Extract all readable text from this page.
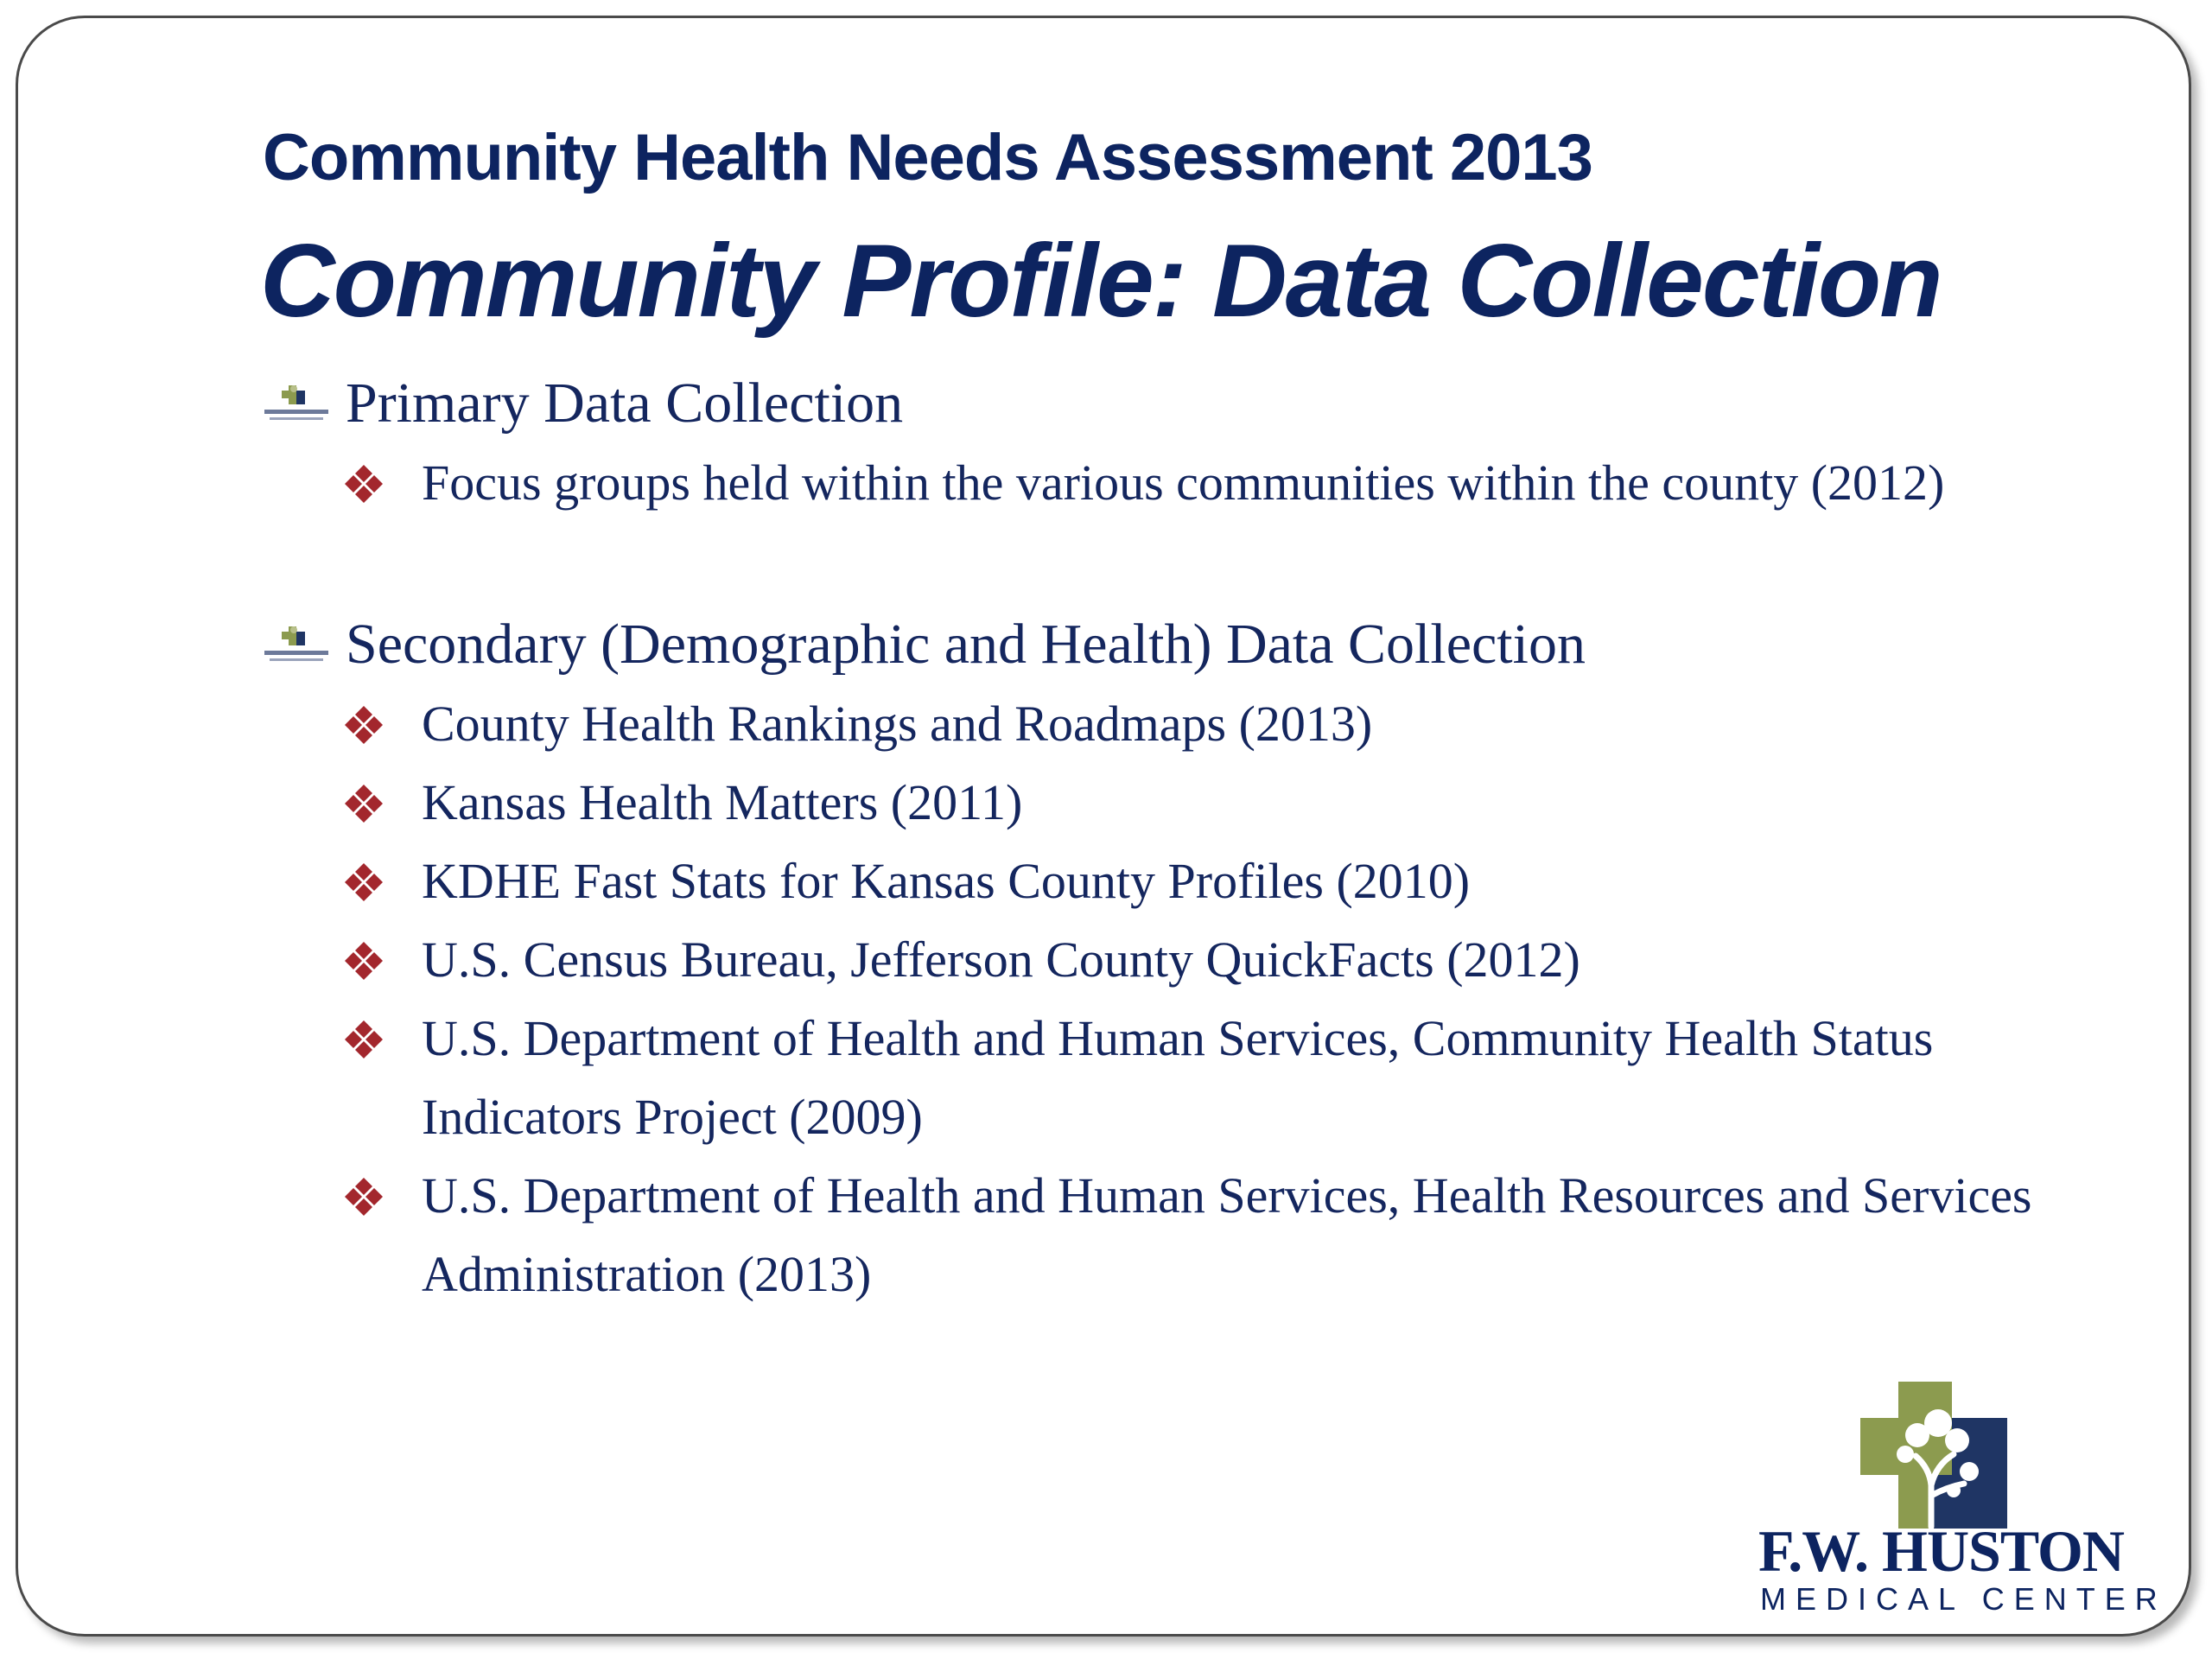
Community Health Needs Assessment 2013
Community Profile: Data Collection
Primary Data Collection
Focus groups held within the various communities within the county (2012)
Secondary (Demographic and Health) Data Collection
County Health Rankings and Roadmaps (2013)
Kansas Health Matters (2011)
KDHE Fast Stats for Kansas County Profiles (2010)
U.S. Census Bureau, Jefferson County QuickFacts (2012)
U.S. Department of Health and Human Services, Community Health Status Indicators Project (2009)
U.S. Department of Health and Human Services, Health Resources and Services Administration (2013)

F.W. HUSTON

MEDICAL CENTER
